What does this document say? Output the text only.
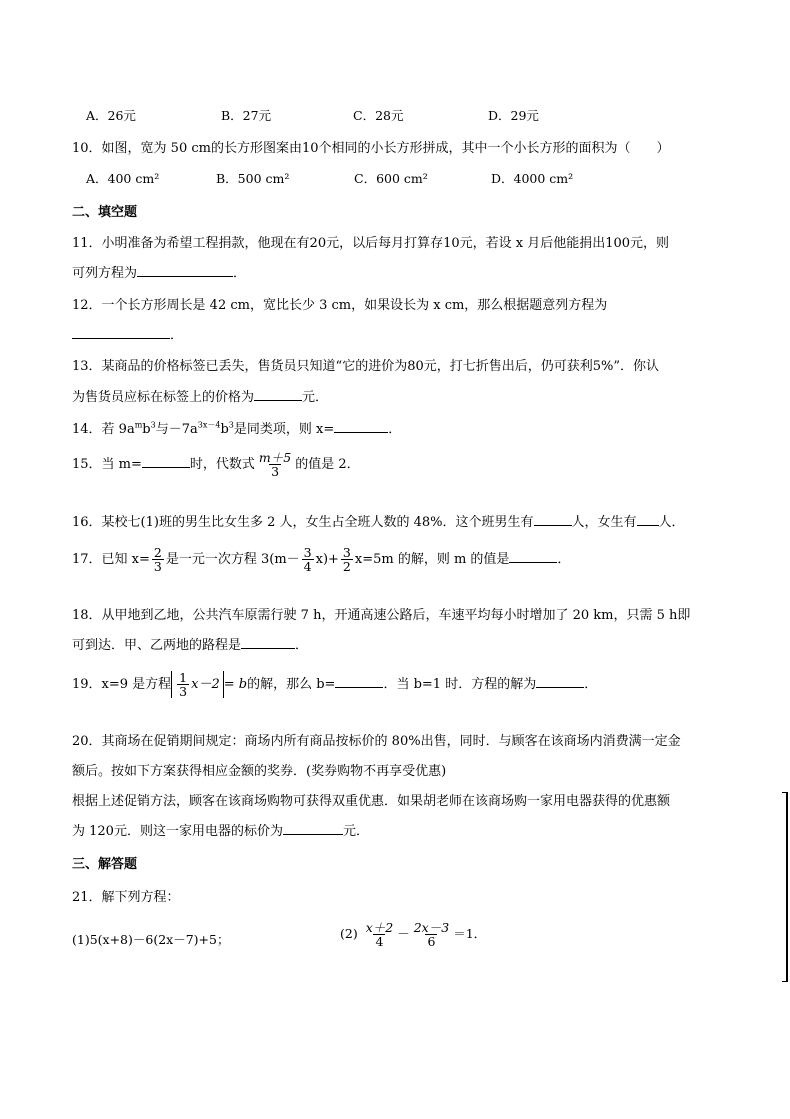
A．26元	B．27元	C．28元	D．29元
10．如图，宽为 50 cm的长方形图案由10个相同的小长方形拼成，其中一个小长方形的面积为（　　）
A．400 cm²	B．500 cm²	C．600 cm²	D．4000 cm²
二、填空题
11．小明准备为希望工程捐款，他现在有20元，以后每月打算存10元，若设 x 月后他能捐出100元，则
可列方程为	．
12．一个长方形周长是 42 cm，宽比长少 3 cm，如果设长为 x cm，那么根据题意列方程为
．
13．某商品的价格标签已丢失，售货员只知道“它的进价为80元，打七折售出后，仍可获利5%”．你认
为售货员应标在标签上的价格为	元．
14．若 $9a^mb^3$与$-7a^{3x-4}b^3$是同类项，则 x=	．
15．当 m=	时，代数式 $\frac{m+5}{3}$ 的值是 2．
16．某校七(1)班的男生比女生多 2 人，女生占全班人数的 48%．这个班男生有	人，女生有 人．
17．已知 $x= \frac{2}{3}$ 是一元一次方程 $3(m- \frac{3}{4} x)+ \frac{3}{2} x=5m$ 的解，则 m 的值是	．
18．从甲地到乙地，公共汽车原需行驶 7 h，开通高速公路后，车速平均每小时增加了 20 km，只需 5 h即
可到达．甲、乙两地的路程是	．
19．x=9 是方程 $\frac{1}{3} x-2 = b$的解，那么 b=	．当 b=1 时．方程的解为	．
20．其商场在促销期间规定：商场内所有商品按标价的 80%出售，同时．与顾客在该商场内消费满一定金
额后。按如下方案获得相应金额的奖券．(奖券购物不再享受优惠)
根据上述促销方法，顾客在该商场购物可获得双重优惠．如果胡老师在该商场购一家用电器获得的优惠额
为 120元．则这一家用电器的标价为	元．
三、解答题
21．解下列方程：
(1)5(x+8)－6(2x－7)+5；	$(2) \frac{x+2}{4} - \frac{2x-3}{6} =1$．
